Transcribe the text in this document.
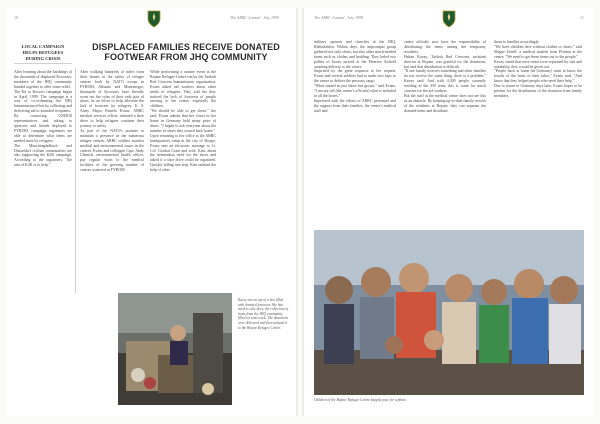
10	The ARBC Journal · July 1999
LOCAL CAMPAIGN HELPS REFUGEES DURING CRISIS
DISPLACED FAMILIES RECEIVE DONATED FOOTWEAR FROM JHQ COMMUNITY
After learning about the hardships of the thousands of displaced Kosovars, members of the JHQ community banded together to offer some relief.
The Kit to Kosovo campaign began in April, 1999. The campaign is a way of co-ordinating the JHQ humanitarian effort by collecting and delivering aid to intended recipients.
By contacting UNHCR representatives and taking to sponsors and friends deployed to FYROM, campaign organisers are able to determine what items are needed most by refugees.
The Mönchengladbach and Düsseldorf civilian communities are also supporting the K2K campaign. According to the organisers, "the aim of K2K is to help."
After walking hundreds of miles from their homes to the safety of refugee centres built by NATO troops in FYROM, Albania and Montenegro, thousands of Kosovars have literally worn out the soles of their only pair of shoes. In an effort to help alleviate the lack of footwear for refugees, U. S. Army Major Pamela Evans, ARRC medical services officer, initiated a shoe drive to help refugees continue their journey to safety.
As part of the NATO's promise to maintain a presence in the numerous refugee centres, ARRC soldiers monitor medical and environmental issues in the centres. Evans and colleague Capt. Andy Chenick, environmental health officer, pay regular visits to the medical facilities of the growing number of centres scattered in FYROM.
While performing a routine event at the Bojane Refugee Centre run by the Turkish Red Crescent humanitarian organisation, Evans asked aid workers about other needs of refugees. They told her they noticed the lack of footwear of people arriving to the centre, especially the children.
"We should be able to get shoes," she said. Evans admits that her closet in her home in Germany held many pairs of shoes. "I began to ask everyone about the number of shoes they owned back home."
Upon returning to her office at the ARRC headquarters camp in the city of Skopje, Evans sent an electronic message to Lt. Col. Gordon Crant and wife, Kim, about the tremendous need for the shoes and asked if a shoe drive could be organised. Quickly falling into step, Kim enlisted the help of other
Kasey sits on top of a box filled with donated footwear. She has tried to edit, does, the collection of items from the JHQ community filled on semi truck. The donations were delivered and then unloaded to the Bojane Refugee Centre.
The ARRC Journal · July 1999	11
military spouses and churches at the JHQ, Rheindahlen. Within days, the impromptu group gathered not only shoes, but also other much-needed items such as clothes and bedding. They baled two pallets of boxes arrived at the Petersee Airfield awaiting delivery to the centre.
Surprised by the great response to her request, Evans and several soldiers had to make two trips to the centre to deliver the precious cargo.
"What started as just shoes has grown," said Evans. "I am not tell (the centre's officials) what is included in all the boxes."
Impressed with the efforts of ARRC personnel and the support from their families, the centre's medical staff and
centre officials now have the responsibility of distributing the items among the temporary residents.
Hakan Kavay, Turkish Red Crescent, assistant director at Bojane, was grateful for the donations, but said that distribution is difficult.
"If one family receives something and other families do not receive the same thing, there is a problem," Kavay said. And with 4,300 people currently residing in the 350 tents, this is cause for much concern for the aid workers.
But the staff at the medical centre does not see this as an obstacle. By keeping up-to-date family records of the residents at Bojane, they can separate the donated items and distribute
them to families accordingly.
"We have children here without clothes or shoes," said Shippe Zenell, a medical student from Pristina at the centre. "We need to get these items out to the people."
Kavay stated that once items were separated by size and suitability, they would be given out.
"People back at home (in Germany) want to know the results of the fruits of their labor," Evans said. "And know that they helped people who need their help."
Due to return to Germany days later, Evans hopes to be present for the distribution of the donation from family members.
Children of the Bojane Refugee Centre happily pose for a photo.
